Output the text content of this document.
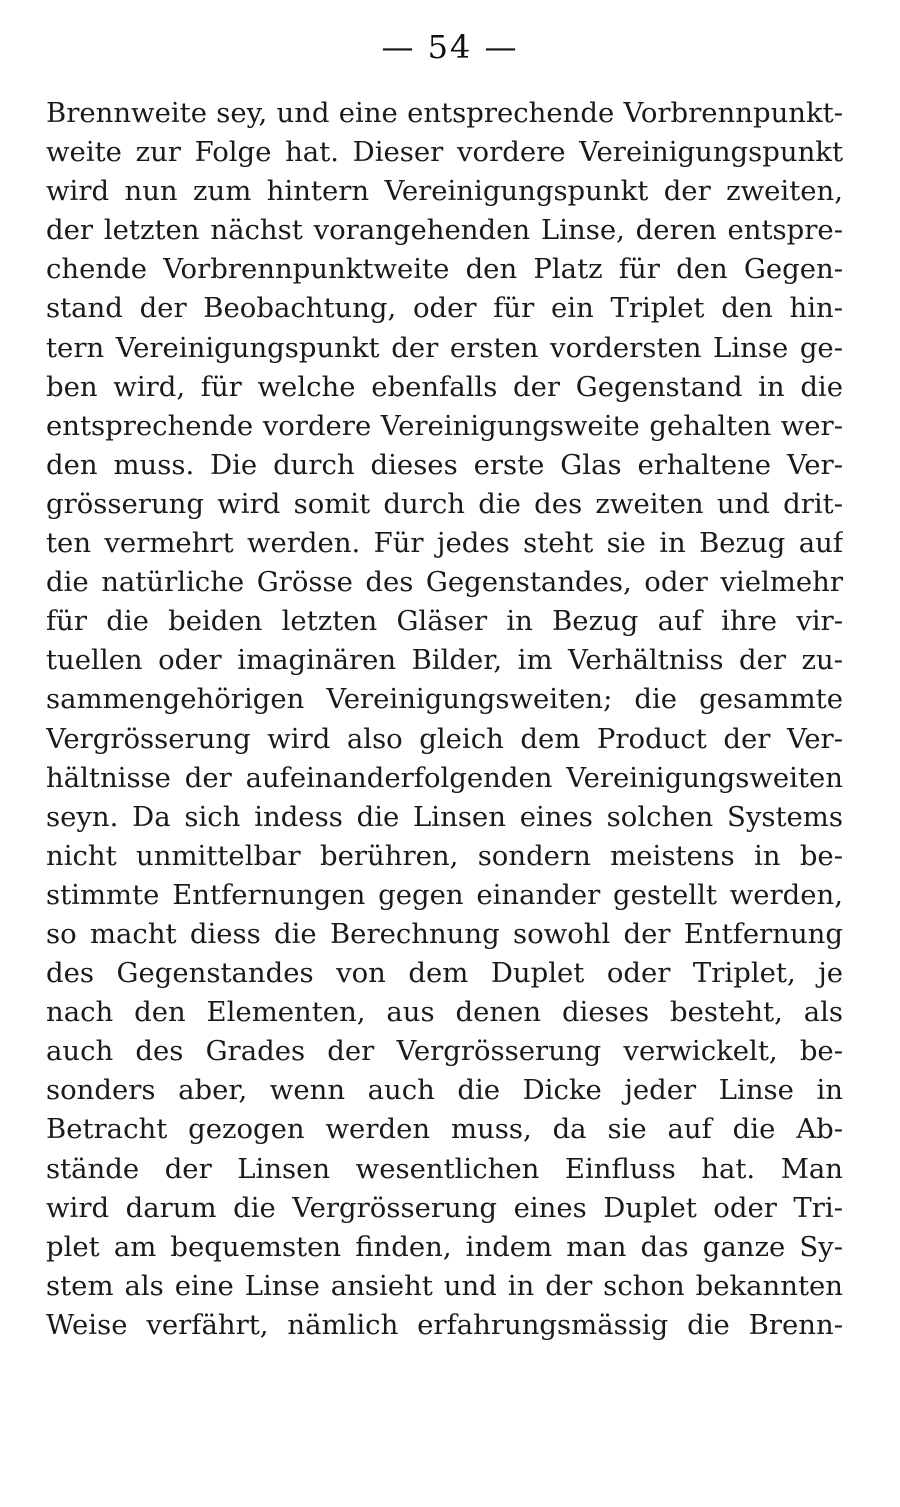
— 54 —
Brennweite sey, und eine entsprechende Vorbrennpunkt-
weite zur Folge hat. Dieser vordere Vereinigungspunkt
wird nun zum hintern Vereinigungspunkt der zweiten,
der letzten nächst vorangehenden Linse, deren entspre-
chende Vorbrennpunktweite den Platz für den Gegen-
stand der Beobachtung, oder für ein Triplet den hin-
tern Vereinigungspunkt der ersten vordersten Linse ge-
ben wird, für welche ebenfalls der Gegenstand in die
entsprechende vordere Vereinigungsweite gehalten wer-
den muss. Die durch dieses erste Glas erhaltene Ver-
grösserung wird somit durch die des zweiten und drit-
ten vermehrt werden. Für jedes steht sie in Bezug auf
die natürliche Grösse des Gegenstandes, oder vielmehr
für die beiden letzten Gläser in Bezug auf ihre vir-
tuellen oder imaginären Bilder, im Verhältniss der zu-
sammengehörigen Vereinigungsweiten; die gesammte
Vergrösserung wird also gleich dem Product der Ver-
hältnisse der aufeinanderfolgenden Vereinigungsweiten
seyn. Da sich indess die Linsen eines solchen Systems
nicht unmittelbar berühren, sondern meistens in be-
stimmte Entfernungen gegen einander gestellt werden,
so macht diess die Berechnung sowohl der Entfernung
des Gegenstandes von dem Duplet oder Triplet, je
nach den Elementen, aus denen dieses besteht, als
auch des Grades der Vergrösserung verwickelt, be-
sonders aber, wenn auch die Dicke jeder Linse in
Betracht gezogen werden muss, da sie auf die Ab-
stände der Linsen wesentlichen Einfluss hat. Man
wird darum die Vergrösserung eines Duplet oder Tri-
plet am bequemsten finden, indem man das ganze Sy-
stem als eine Linse ansieht und in der schon bekannten
Weise verfährt, nämlich erfahrungsmässig die Brenn-
